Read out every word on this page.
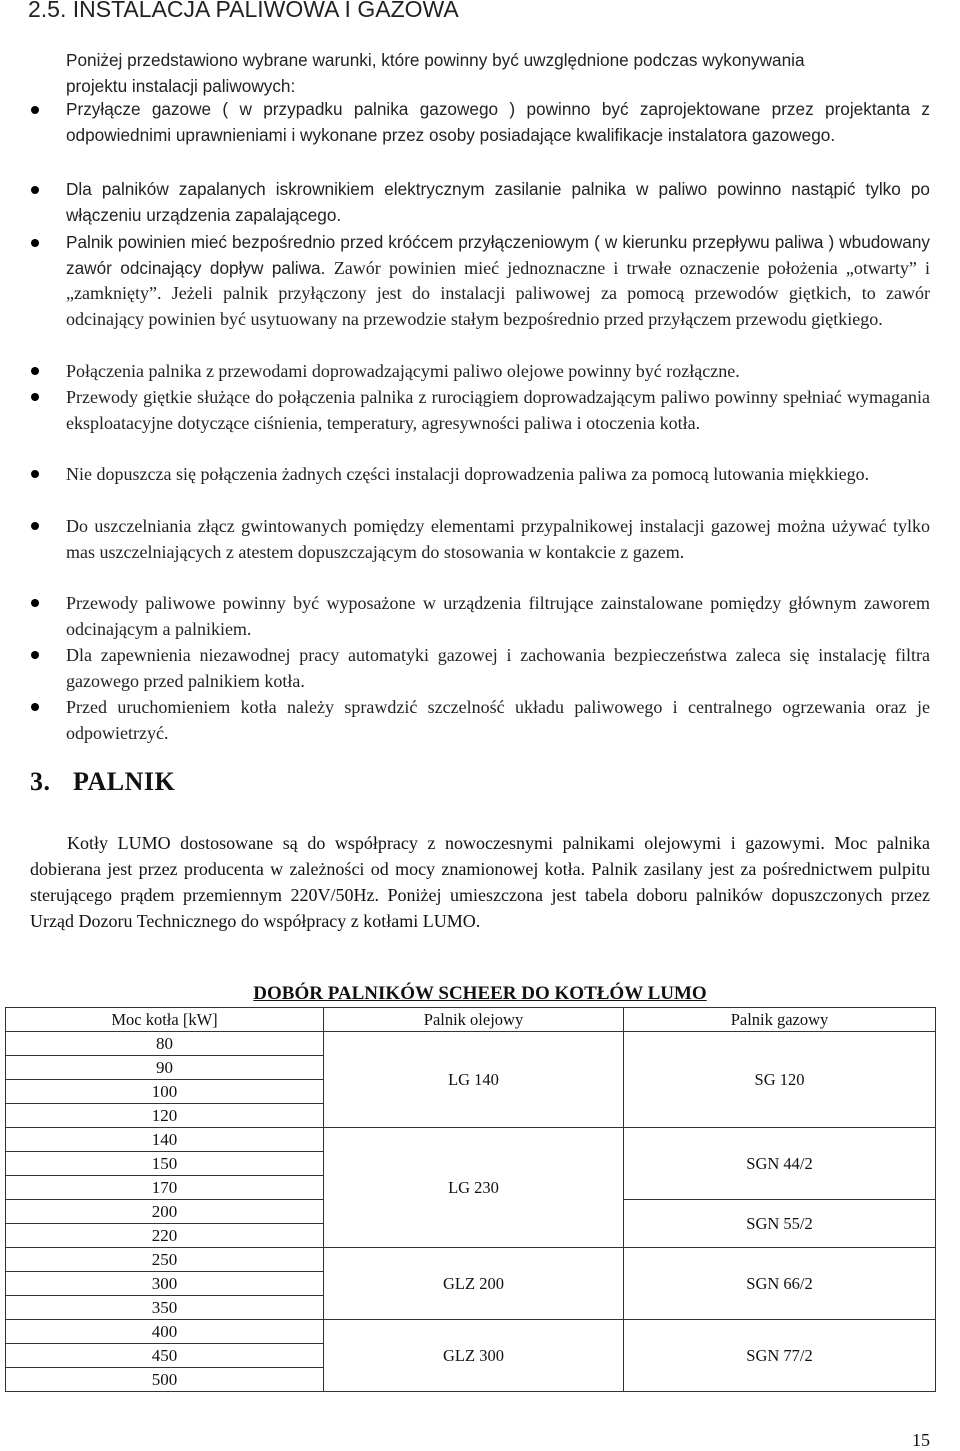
2.5. INSTALACJA PALIWOWA I GAZOWA
Poniżej przedstawiono wybrane warunki, które powinny być uwzględnione podczas wykonywania
projektu instalacji paliwowych:

Przyłącze gazowe ( w przypadku palnika gazowego ) powinno być zaprojektowane przez projektanta z odpowiednimi uprawnieniami i wykonane przez osoby posiadające kwalifikacje instalatora gazowego.

Dla palników zapalanych iskrownikiem elektrycznym zasilanie palnika w paliwo powinno nastąpić tylko po włączeniu urządzenia zapalającego.

Palnik powinien mieć bezpośrednio przed króćcem przyłączeniowym ( w kierunku przepływu paliwa ) wbudowany zawór odcinający dopływ paliwa. Zawór powinien mieć jednoznaczne i trwałe oznaczenie położenia „otwarty” i „zamknięty”. Jeżeli palnik przyłączony jest do instalacji paliwowej za pomocą przewodów giętkich, to zawór odcinający powinien być usytuowany na przewodzie stałym bezpośrednio przed przyłączem przewodu giętkiego.

Połączenia palnika z przewodami doprowadzającymi paliwo olejowe powinny być rozłączne.

Przewody giętkie służące do połączenia palnika z rurociągiem doprowadzającym paliwo powinny spełniać wymagania eksploatacyjne dotyczące ciśnienia, temperatury, agresywności paliwa i otoczenia kotła.

Nie dopuszcza się połączenia żadnych części instalacji doprowadzenia paliwa za pomocą lutowania miękkiego.

Do uszczelniania złącz gwintowanych pomiędzy elementami przypalnikowej instalacji gazowej można używać tylko mas uszczelniających z atestem dopuszczającym do stosowania w kontakcie z gazem.

Przewody paliwowe powinny być wyposażone w urządzenia filtrujące zainstalowane pomiędzy głównym zaworem odcinającym a palnikiem.

Dla zapewnienia niezawodnej pracy automatyki gazowej i zachowania bezpieczeństwa zaleca się instalację filtra gazowego przed palnikiem kotła.

Przed uruchomieniem kotła należy sprawdzić szczelność układu paliwowego i centralnego ogrzewania oraz je odpowietrzyć.

3. PALNIK

Kotły LUMO dostosowane są do współpracy z nowoczesnymi palnikami olejowymi i gazowymi. Moc palnika dobierana jest przez producenta w zależności od mocy znamionowej kotła. Palnik zasilany jest za pośrednictwem pulpitu sterującego prądem przemiennym 220V/50Hz. Poniżej umieszczona jest tabela doboru palników dopuszczonych przez Urząd Dozoru Technicznego do współpracy z kotłami LUMO.

DOBÓR PALNIKÓW SCHEER DO KOTŁÓW LUMO
Moc kotła [kW]	Palnik olejowy	Palnik gazowy
80	LG 140	SG 120
90		
100		
120		
140	LG 230	SGN 44/2
150		
170		
200		SGN 55/2
220		
250	GLZ 200	SGN 66/2
300		
350		
400	GLZ 300	SGN 77/2
450		
500		
15
